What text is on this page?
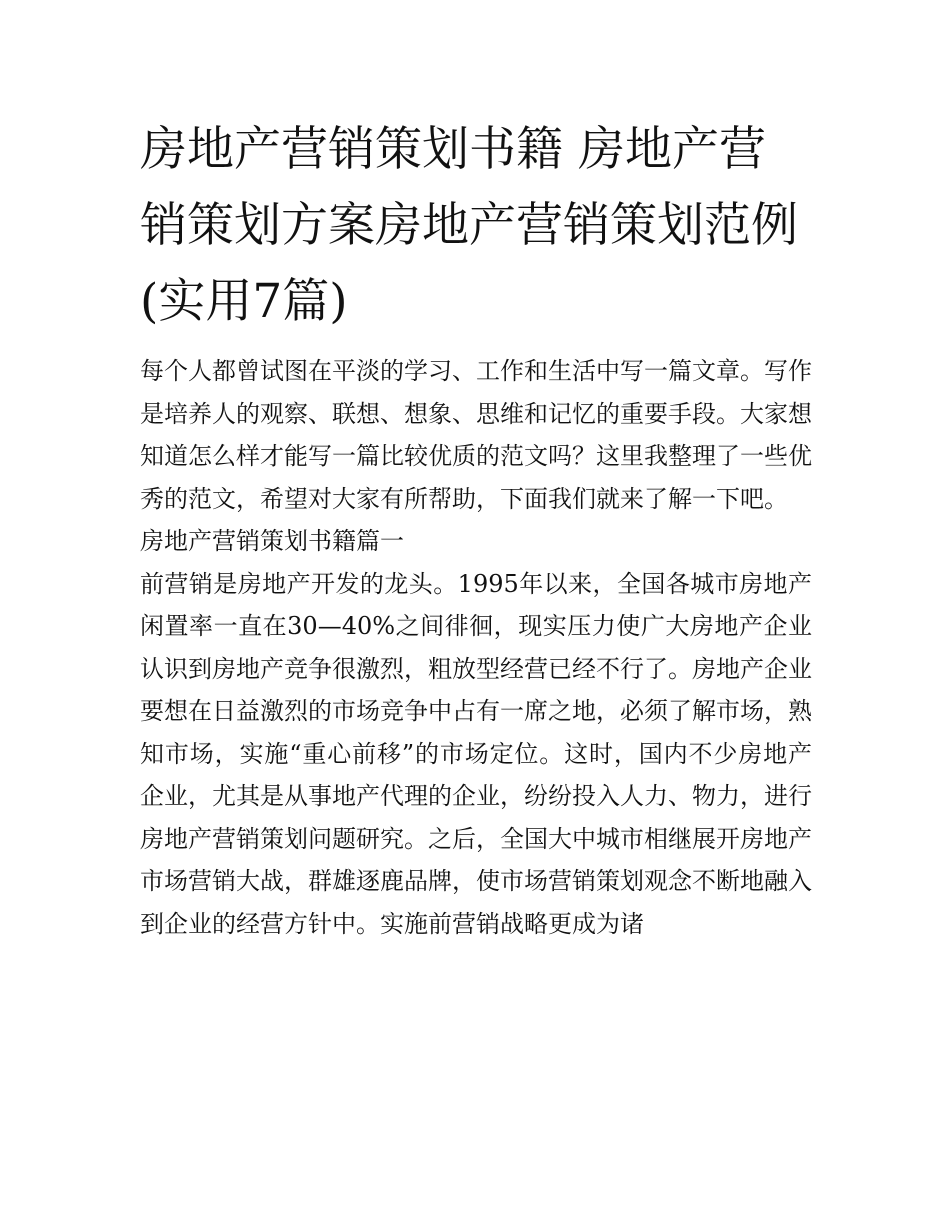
房地产营销策划书籍 房地产营销策划方案房地产营销策划范例(实用7篇)

每个人都曾试图在平淡的学习、工作和生活中写一篇文章。写作是培养人的观察、联想、想象、思维和记忆的重要手段。大家想知道怎么样才能写一篇比较优质的范文吗？这里我整理了一些优秀的范文，希望对大家有所帮助，下面我们就来了解一下吧。

房地产营销策划书籍篇一

前营销是房地产开发的龙头。1995年以来，全国各城市房地产闲置率一直在30—40%之间徘徊，现实压力使广大房地产企业认识到房地产竞争很激烈，粗放型经营已经不行了。房地产企业要想在日益激烈的市场竞争中占有一席之地，必须了解市场，熟知市场，实施“重心前移”的市场定位。这时，国内不少房地产企业，尤其是从事地产代理的企业，纷纷投入人力、物力，进行房地产营销策划问题研究。之后，全国大中城市相继展开房地产市场营销大战，群雄逐鹿品牌，使市场营销策划观念不断地融入到企业的经营方针中。实施前营销战略更成为诸
